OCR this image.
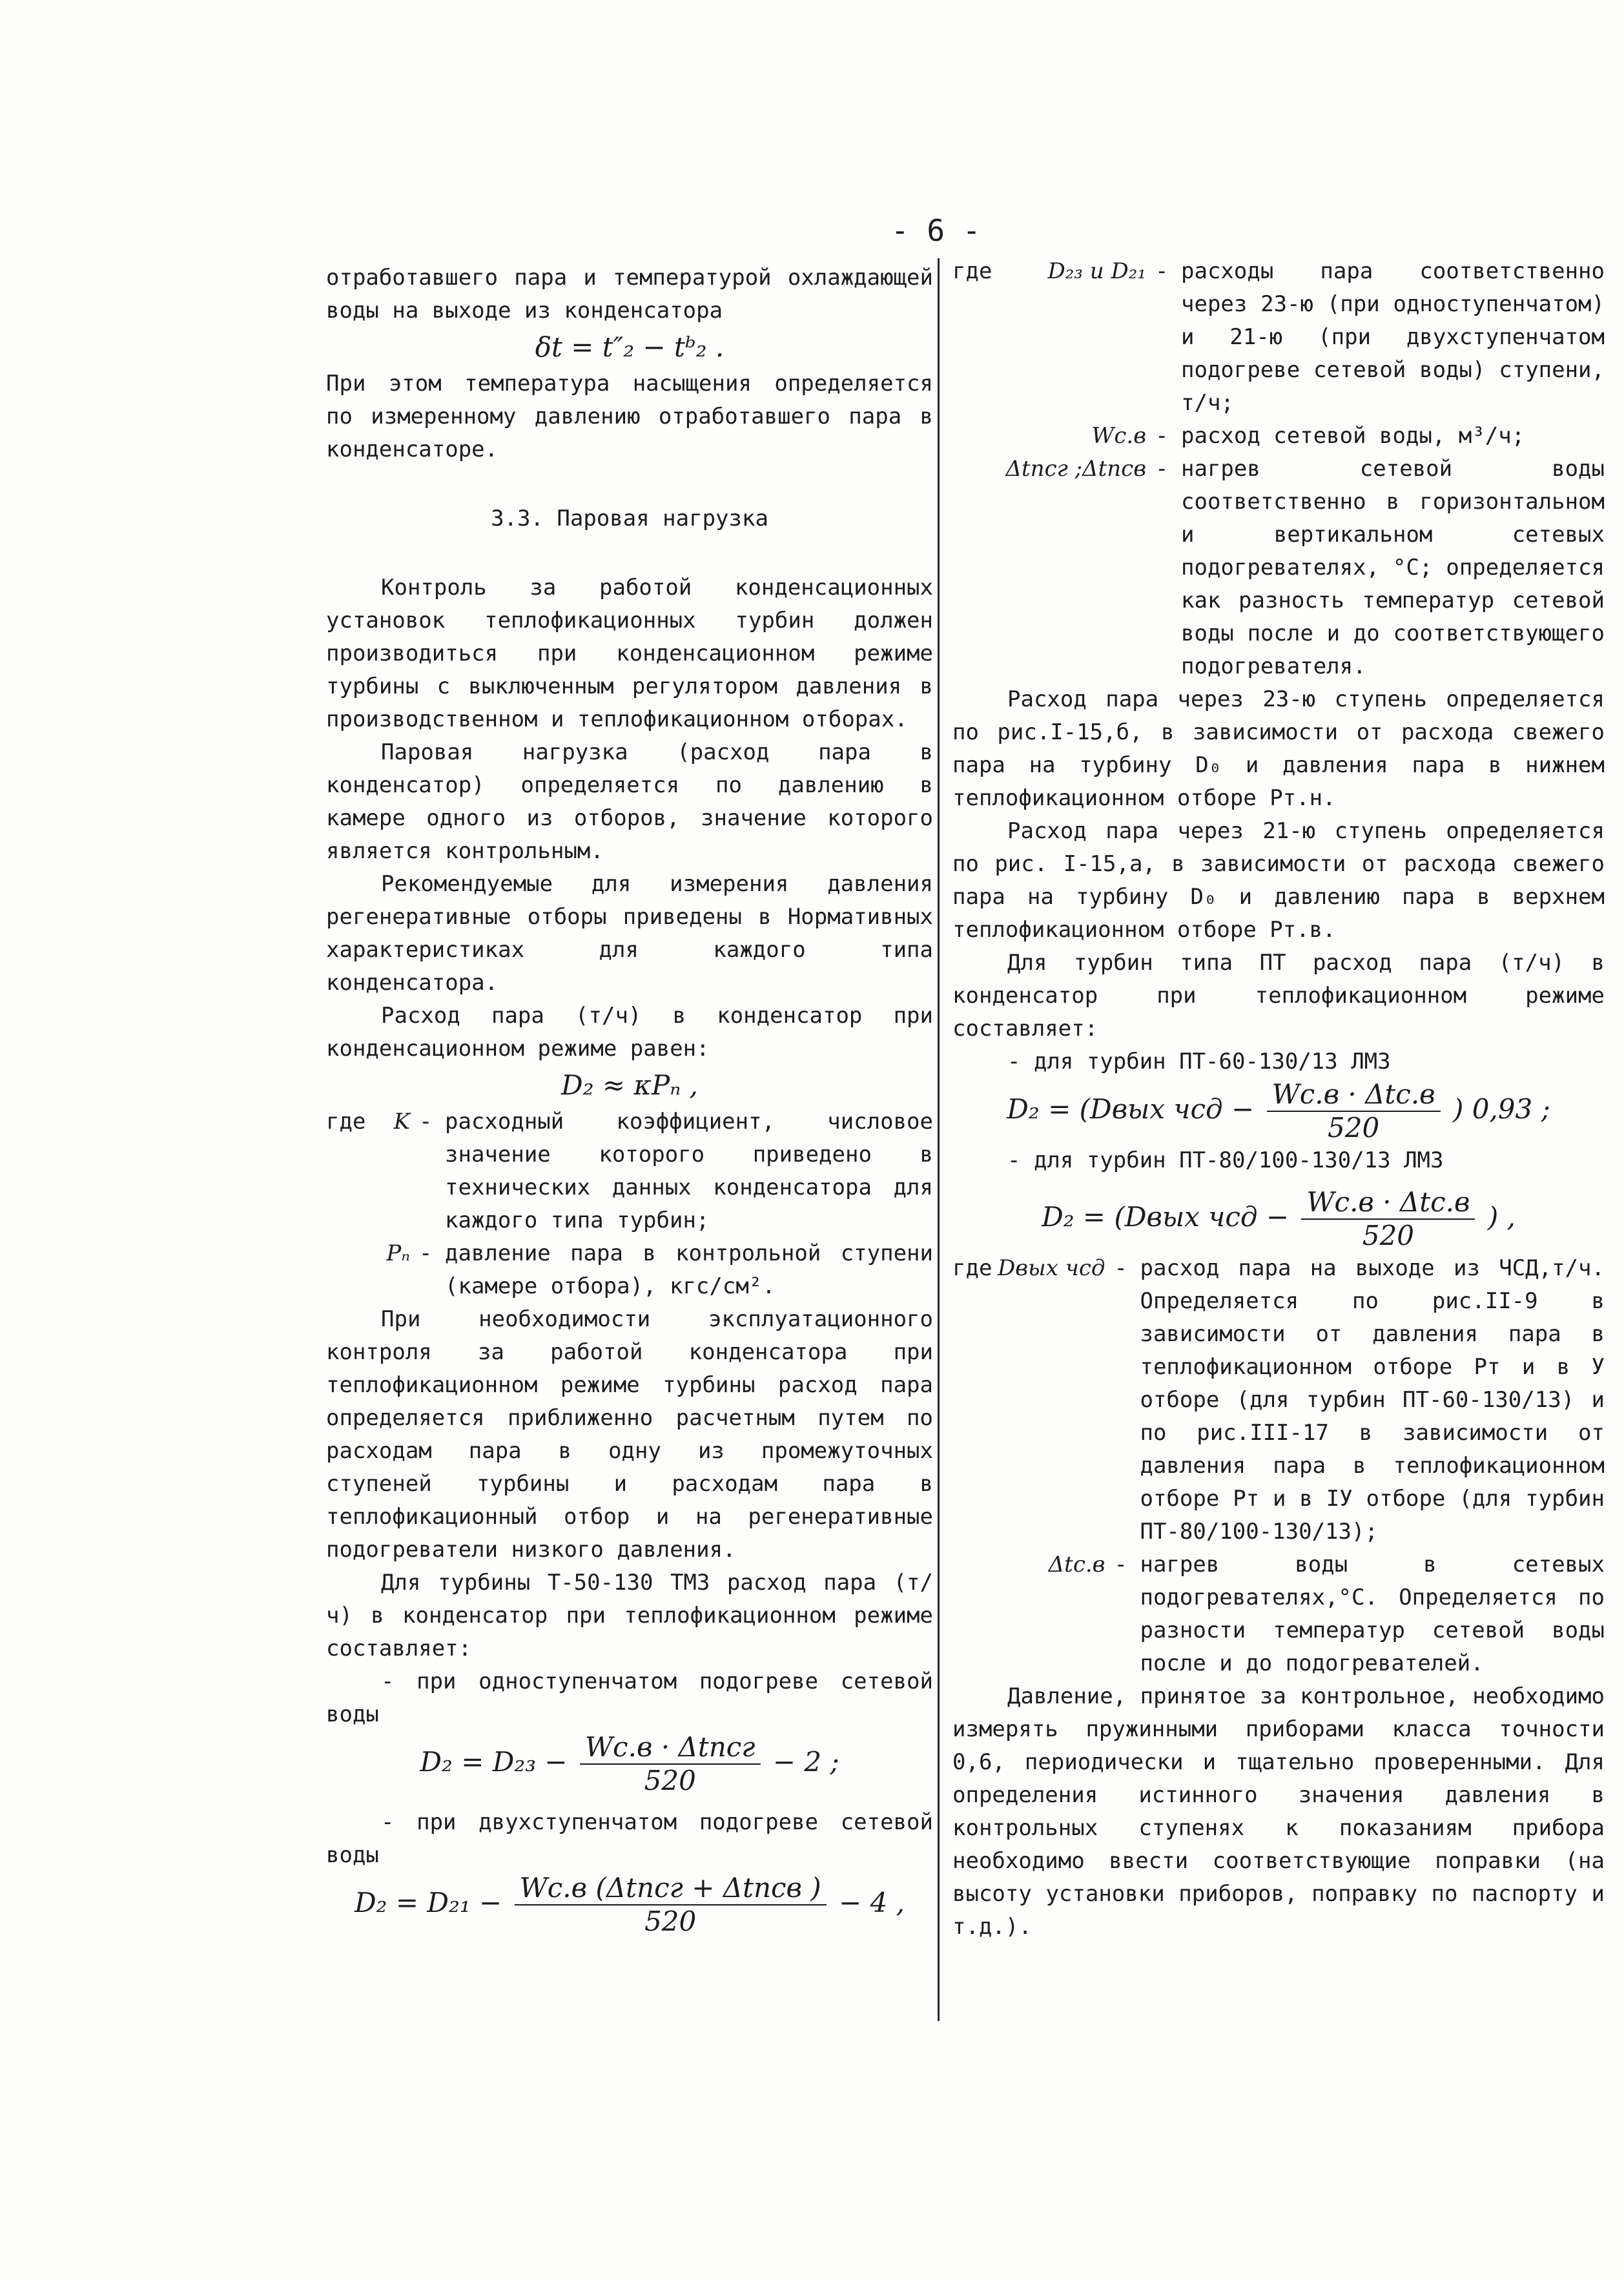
- 6 -

отработавшего пара и температурой охлаждающей воды на выходе из конденсатора

δt = t″₂ − tᵇ₂ .

При этом температура насыщения определяется по измеренному давлению отработавшего пара в конденсаторе.

3.3. Паровая нагрузка

Контроль за работой конденсационных установок теплофикационных турбин должен производиться при конденсационном режиме турбины с выключенным регулятором давления в производственном и теплофикационном отборах.

Паровая нагрузка (расход пара в конденсатор) определяется по давлению в камере одного из отборов, значение которого является контрольным.

Рекомендуемые для измерения давления регенеративные отборы приведены в Нормативных характеристиках для каждого типа конденсатора.

Расход пара (т/ч) в конденсатор при конденсационном режиме равен:

D₂ ≈ κPₙ ,
где	K	-	расходный коэффициент, числовое значение которого приведено в технических данных конденсатора для каждого типа турбин;
	Pₙ	-	давление пара в контрольной ступени (камере отбора), кгс/см².

При необходимости эксплуатационного контроля за работой конденсатора при теплофикационном режиме турбины расход пара определяется приближенно расчетным путем по расходам пара в одну из промежуточных ступеней турбины и расходам пара в теплофикационный отбор и на регенеративные подогреватели низкого давления.

Для турбины Т-50-130 ТМЗ расход пара (т/ч) в конденсатор при теплофикационном режиме составляет:

- при одноступенчатом подогреве сетевой воды

$D_2 = D_{23} - \frac{\text{Wc.в · Δtпсг}}{520} - 2$ ;

- при двухступенчатом подогреве сетевой воды

$D_2 = D_{21} - \frac{\text{Wc.в (Δtпсг + Δtпсв )}}{520} - 4$ ,
где	D₂₃ и D₂₁	-	расходы пара соответственно через 23-ю (при одноступенчатом) и 21-ю (при двухступенчатом подогреве сетевой воды) ступени, т/ч;
	Wc.в	-	расход сетевой воды, м³/ч;
	Δtпсг ;Δtпсв	-	нагрев сетевой воды соответственно в горизонтальном и вертикальном сетевых подогревателях, °С; определяется как разность температур сетевой воды после и до соответствующего подогревателя.

Расход пара через 23-ю ступень определяется по рис.I-15,б, в зависимости от расхода свежего пара на турбину D₀ и давления пара в нижнем теплофикационном отборе Pт.н.

Расход пара через 21-ю ступень определяется по рис. I-15,а, в зависимости от расхода свежего пара на турбину D₀ и давлению пара в верхнем теплофикационном отборе Pт.в.

Для турбин типа ПТ расход пара (т/ч) в конденсатор при теплофикационном режиме составляет:

- для турбин ПТ-60-130/13 ЛМЗ

D₂ = (Dвых чсд − $\frac{\text{Wc.в · Δtc.в}}{520}$ ) 0,93 ;

- для турбин ПТ-80/100-130/13 ЛМЗ

D₂ = (Dвых чсд − $\frac{\text{Wc.в · Δtc.в}}{520}$ ) ,
где	Dвых чсд	-	расход пара на выходе из ЧСД,т/ч. Определяется по рис.II-9 в зависимости от давления пара в теплофикационном отборе Pт и в У отборе (для турбин ПТ-60-130/13) и по рис.III-17 в зависимости от давления пара в теплофикационном отборе Pт и в IУ отборе (для турбин ПТ-80/100-130/13);
	Δtc.в	-	нагрев воды в сетевых подогревателях,°С. Определяется по разности температур сетевой воды после и до подогревателей.

Давление, принятое за контрольное, необходимо измерять пружинными приборами класса точности 0,6, периодически и тщательно проверенными. Для определения истинного значения давления в контрольных ступенях к показаниям прибора необходимо ввести соответствующие поправки (на высоту установки приборов, поправку по паспорту и т.д.).
